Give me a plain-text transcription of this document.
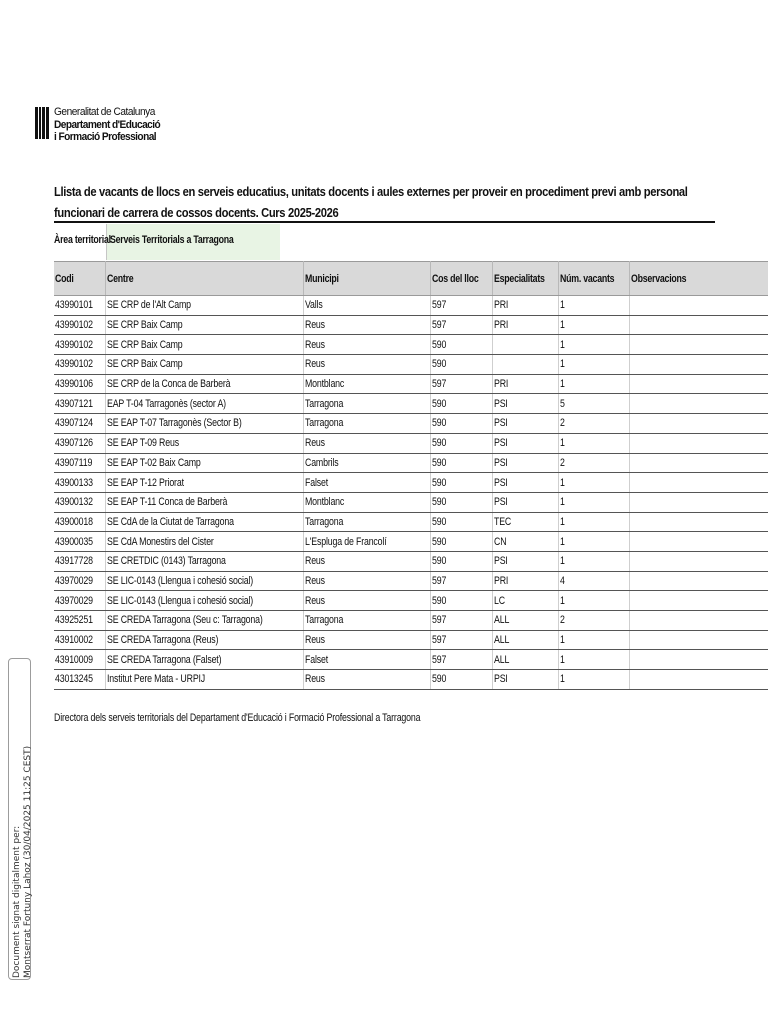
Generalitat de Catalunya
Departament d'Educació
i Formació Professional
Llista de vacants de llocs en serveis educatius, unitats docents i aules externes per proveir en procediment previ amb personal funcionari de carrera de cossos docents. Curs 2025-2026
Àrea territorial Serveis Territorials a Tarragona
Codi	Centre	Municipi	Cos del lloc	Especialitats	Núm. vacants	Observacions
43990101	SE CRP de l'Alt Camp	Valls	597	PRI	1	
43990102	SE CRP Baix Camp	Reus	597	PRI	1	
43990102	SE CRP Baix Camp	Reus	590		1	
43990102	SE CRP Baix Camp	Reus	590		1	
43990106	SE CRP de la Conca de Barberà	Montblanc	597	PRI	1	
43907121	EAP T-04 Tarragonès (sector A)	Tarragona	590	PSI	5	
43907124	SE EAP T-07 Tarragonès (Sector B)	Tarragona	590	PSI	2	
43907126	SE EAP T-09 Reus	Reus	590	PSI	1	
43907119	SE EAP T-02 Baix Camp	Cambrils	590	PSI	2	
43900133	SE EAP T-12 Priorat	Falset	590	PSI	1	
43900132	SE EAP T-11 Conca de Barberà	Montblanc	590	PSI	1	
43900018	SE CdA de la Ciutat de Tarragona	Tarragona	590	TEC	1	
43900035	SE CdA Monestirs del Cister	L'Espluga de Francolí	590	CN	1	
43917728	SE CRETDIC (0143) Tarragona	Reus	590	PSI	1	
43970029	SE LIC-0143 (Llengua i cohesió social)	Reus	597	PRI	4	
43970029	SE LIC-0143 (Llengua i cohesió social)	Reus	590	LC	1	
43925251	SE CREDA Tarragona (Seu c: Tarragona)	Tarragona	597	ALL	2	
43910002	SE CREDA Tarragona (Reus)	Reus	597	ALL	1	
43910009	SE CREDA Tarragona (Falset)	Falset	597	ALL	1	
43013245	Institut Pere Mata - URPIJ	Reus	590	PSI	1	
Directora dels serveis territorials del Departament d'Educació i Formació Professional a Tarragona
Document signat digitalment per: Montserrat Fortuny Lahoz (30/04/2025 11:25 CEST)
